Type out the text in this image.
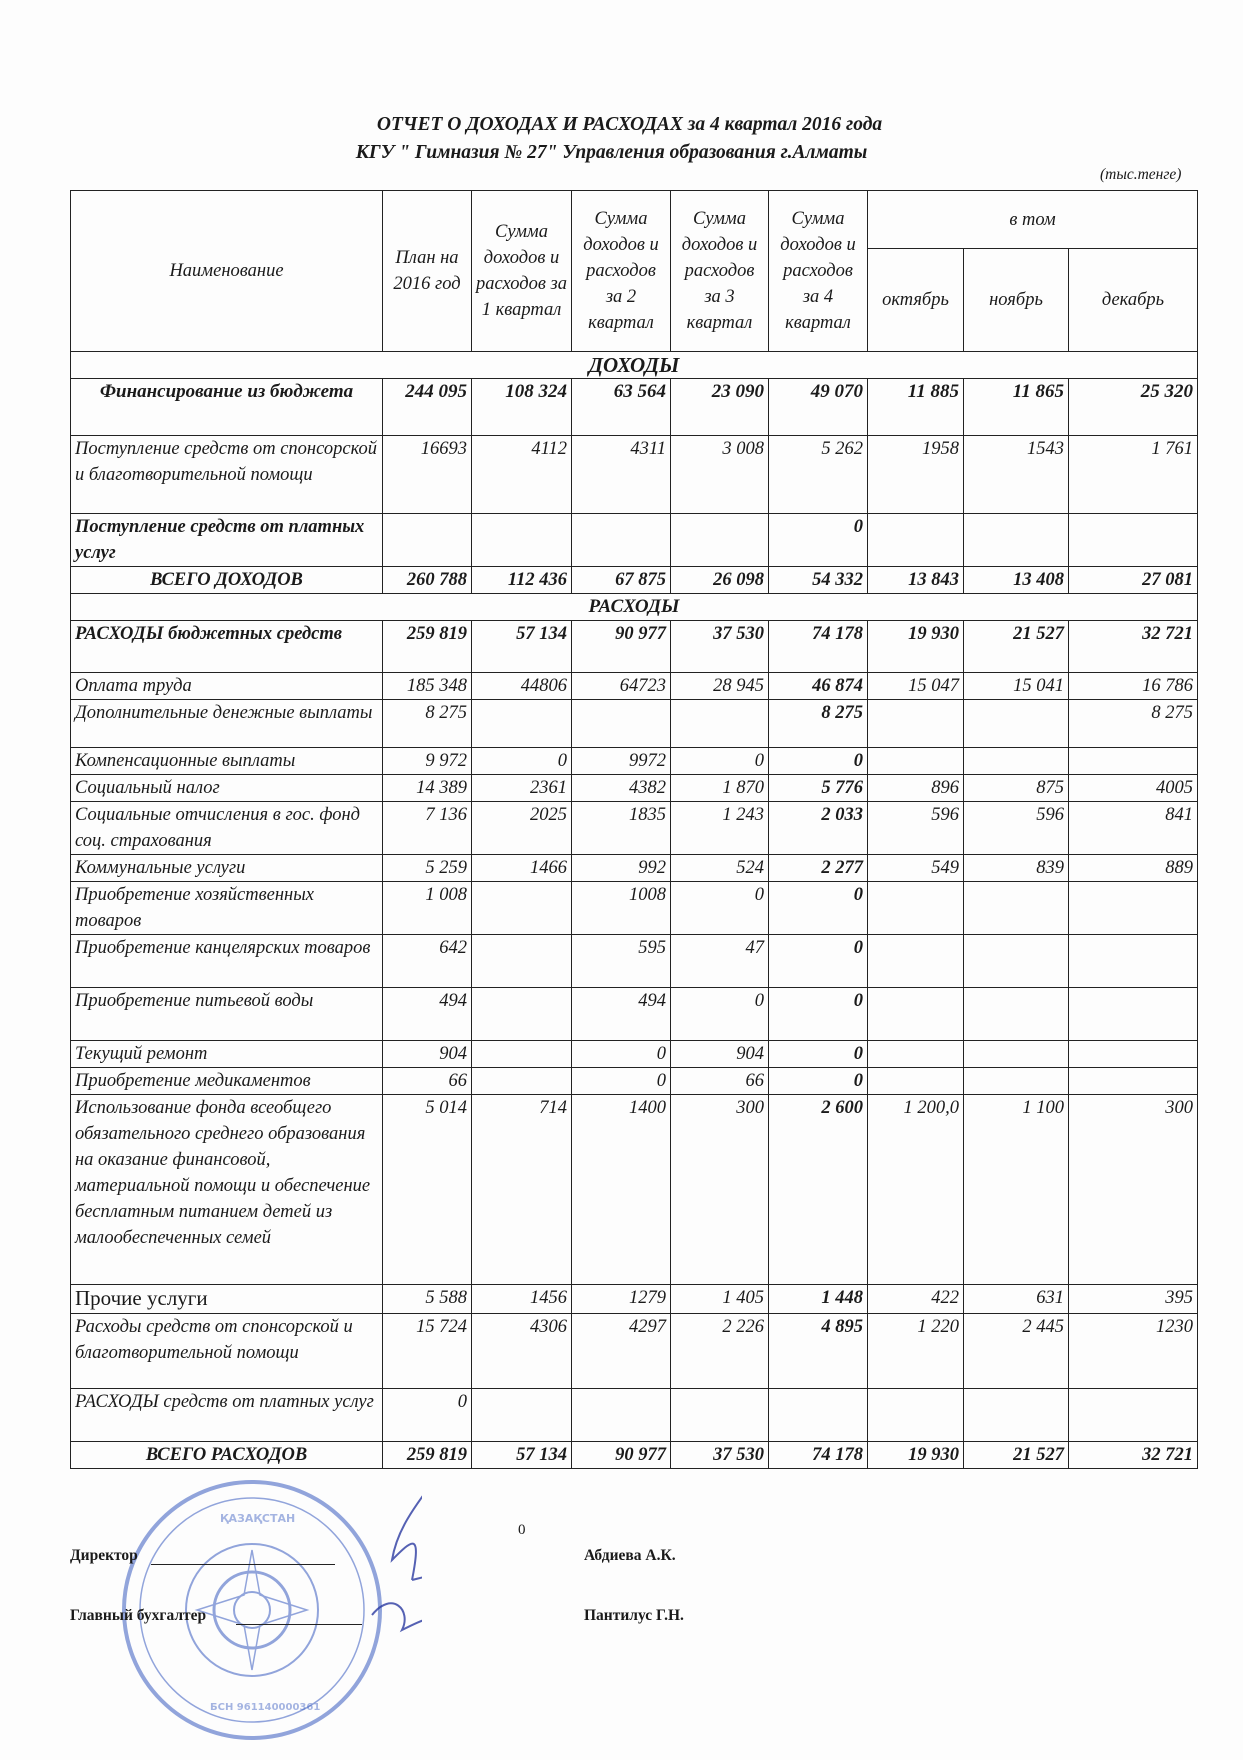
ОТЧЕТ О ДОХОДАХ И РАСХОДАХ за 4 квартал 2016 года
КГУ " Гимназия № 27" Управления образования г.Алматы
(тыс.тенге)
Наименование	План на 2016 год	Сумма доходов и расходов за 1 квартал	Сумма доходов и расходов за 2 квартал	Сумма доходов и расходов за 3 квартал	Сумма доходов и расходов за 4 квартал	в том		
						октябрь	ноябрь	декабрь
ДОХОДЫ								
Финансирование из бюджета	244 095	108 324	63 564	23 090	49 070	11 885	11 865	25 320
Поступление средств от спонсорской и благотворительной помощи	16693	4112	4311	3 008	5 262	1958	1543	1 761
Поступление средств от платных услуг					0			
ВСЕГО ДОХОДОВ	260 788	112 436	67 875	26 098	54 332	13 843	13 408	27 081
РАСХОДЫ								
РАСХОДЫ бюджетных средств	259 819	57 134	90 977	37 530	74 178	19 930	21 527	32 721
Оплата труда	185 348	44806	64723	28 945	46 874	15 047	15 041	16 786
Дополнительные денежные выплаты	8 275				8 275			8 275
Компенсационные выплаты	9 972	0	9972	0	0			
Социальный налог	14 389	2361	4382	1 870	5 776	896	875	4005
Социальные отчисления в гос. фонд соц. страхования	7 136	2025	1835	1 243	2 033	596	596	841
Коммунальные услуги	5 259	1466	992	524	2 277	549	839	889
Приобретение хозяйственных товаров	1 008		1008	0	0			
Приобретение канцелярских товаров	642		595	47	0			
Приобретение питьевой воды	494		494	0	0			
Текущий ремонт	904		0	904	0			
Приобретение медикаментов	66		0	66	0			
Использование фонда всеобщего обязательного среднего образования на оказание финансовой, материальной помощи и обеспечение бесплатным питанием детей из малообеспеченных семей	5 014	714	1400	300	2 600	1 200,0	1 100	300
Прочие услуги	5 588	1456	1279	1 405	1 448	422	631	395
Расходы средств от спонсорской и благотворительной помощи	15 724	4306	4297	2 226	4 895	1 220	2 445	1230
РАСХОДЫ средств от платных услуг	0							
ВСЕГО РАСХОДОВ	259 819	57 134	90 977	37 530	74 178	19 930	21 527	32 721
0
ҚАЗАҚСТАН
БСН 961140000361
Директор	Абдиева А.К.
Главный бухгалтер	Пантилус Г.Н.
